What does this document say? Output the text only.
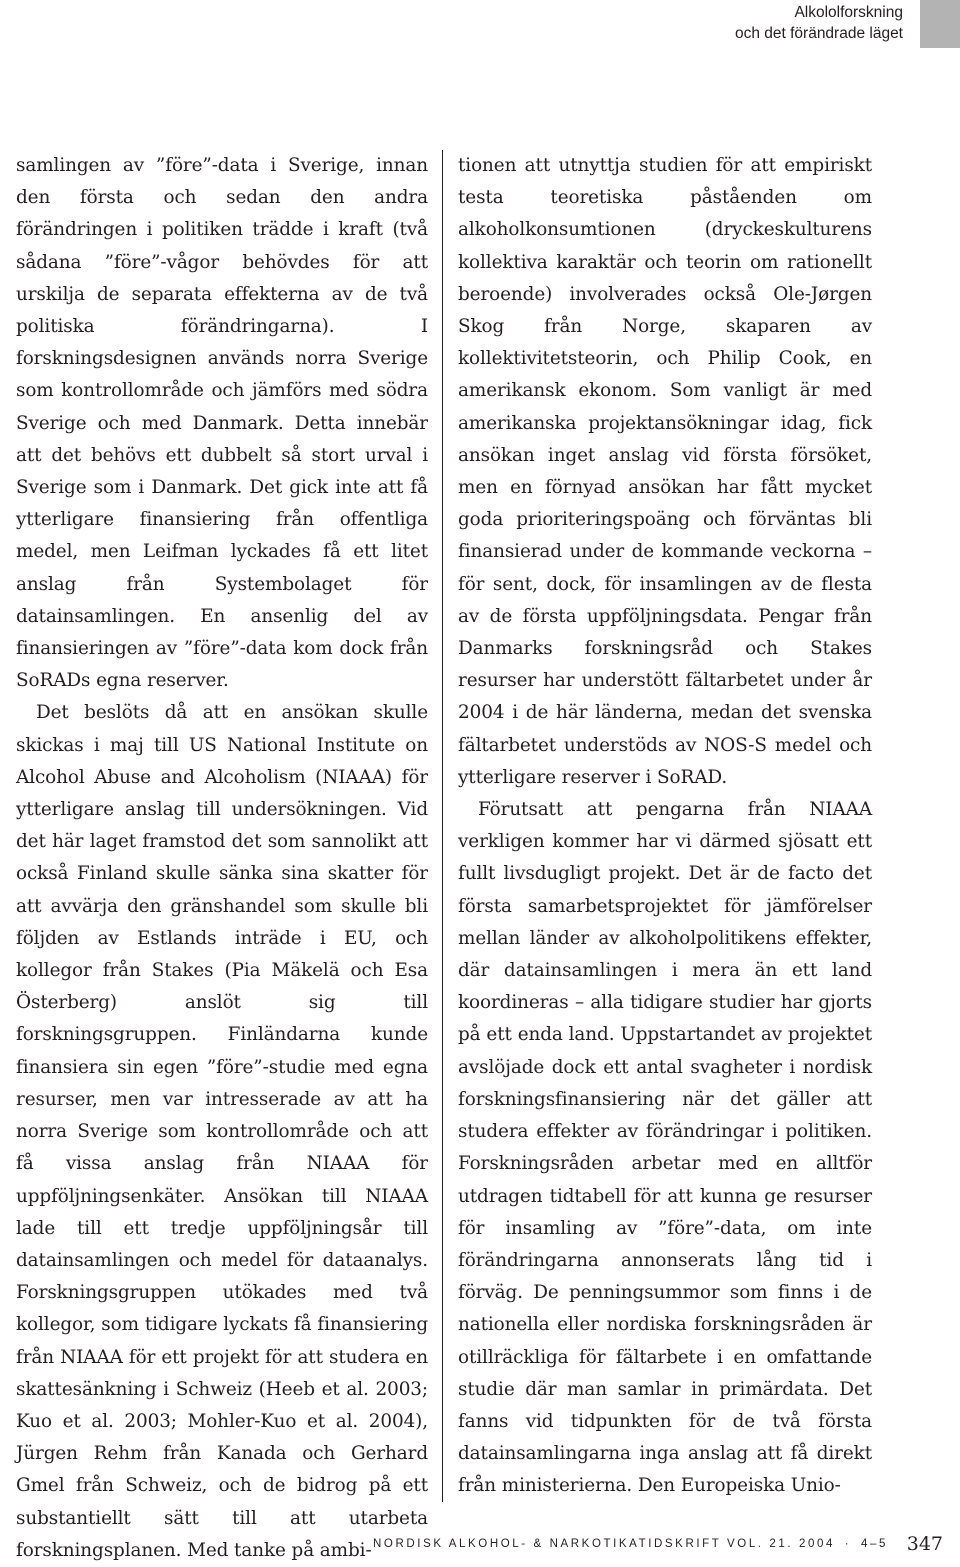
Alkololforskning
och det förändrade läget

samlingen av ”före”-data i Sverige, innan den första och sedan den andra förändringen i politiken trädde i kraft (två sådana ”före”-vågor behövdes för att urskilja de separata effekterna av de två politiska förändringarna). I forskningsdesignen används norra Sverige som kontrollområde och jämförs med södra Sverige och med Danmark. Detta innebär att det behövs ett dubbelt så stort urval i Sverige som i Danmark. Det gick inte att få ytterligare finansiering från offentliga medel, men Leifman lyckades få ett litet anslag från Systembolaget för datainsamlingen. En ansenlig del av finansieringen av ”före”-data kom dock från SoRADs egna reserver.

Det beslöts då att en ansökan skulle skickas i maj till US National Institute on Alcohol Abuse and Alcoholism (NIAAA) för ytterligare anslag till undersökningen. Vid det här laget framstod det som sannolikt att också Finland skulle sänka sina skatter för att avvärja den gränshandel som skulle bli följden av Estlands inträde i EU, och kollegor från Stakes (Pia Mäkelä och Esa Österberg) anslöt sig till forskningsgruppen. Finländarna kunde finansiera sin egen ”före”-studie med egna resurser, men var intresserade av att ha norra Sverige som kontrollområde och att få vissa anslag från NIAAA för uppföljningsenkäter. Ansökan till NIAAA lade till ett tredje uppföljningsår till datainsamlingen och medel för dataanalys. Forskningsgruppen utökades med två kollegor, som tidigare lyckats få finansiering från NIAAA för ett projekt för att studera en skattesänkning i Schweiz (Heeb et al. 2003; Kuo et al. 2003; Mohler-Kuo et al. 2004), Jürgen Rehm från Kanada och Gerhard Gmel från Schweiz, och de bidrog på ett substantiellt sätt till att utarbeta forskningsplanen. Med tanke på ambi-

tionen att utnyttja studien för att empiriskt testa teoretiska påståenden om alkoholkonsumtionen (dryckeskulturens kollektiva karaktär och teorin om rationellt beroende) involverades också Ole-Jørgen Skog från Norge, skaparen av kollektivitetsteorin, och Philip Cook, en amerikansk ekonom. Som vanligt är med amerikanska projektansökningar idag, fick ansökan inget anslag vid första försöket, men en förnyad ansökan har fått mycket goda prioriteringspoäng och förväntas bli finansierad under de kommande veckorna – för sent, dock, för insamlingen av de flesta av de första uppföljningsdata. Pengar från Danmarks forskningsråd och Stakes resurser har understött fältarbetet under år 2004 i de här länderna, medan det svenska fältarbetet understöds av NOS-S medel och ytterligare reserver i SoRAD.

Förutsatt att pengarna från NIAAA verkligen kommer har vi därmed sjösatt ett fullt livsdugligt projekt. Det är de facto det första samarbetsprojektet för jämförelser mellan länder av alkoholpolitikens effekter, där datainsamlingen i mera än ett land koordineras – alla tidigare studier har gjorts på ett enda land. Uppstartandet av projektet avslöjade dock ett antal svagheter i nordisk forskningsfinansiering när det gäller att studera effekter av förändringar i politiken. Forskningsråden arbetar med en alltför utdragen tidtabell för att kunna ge resurser för insamling av ”före”-data, om inte förändringarna annonserats lång tid i förväg. De penningsummor som finns i de nationella eller nordiska forskningsråden är otillräckliga för fältarbete i en omfattande studie där man samlar in primärdata. Det fanns vid tidpunkten för de två första datainsamlingarna inga anslag att få direkt från ministerierna. Den Europeiska Unio-

NORDISK ALKOHOL- & NARKOTIKATIDSKRIFT VOL. 21. 2004 · 4–5 347
